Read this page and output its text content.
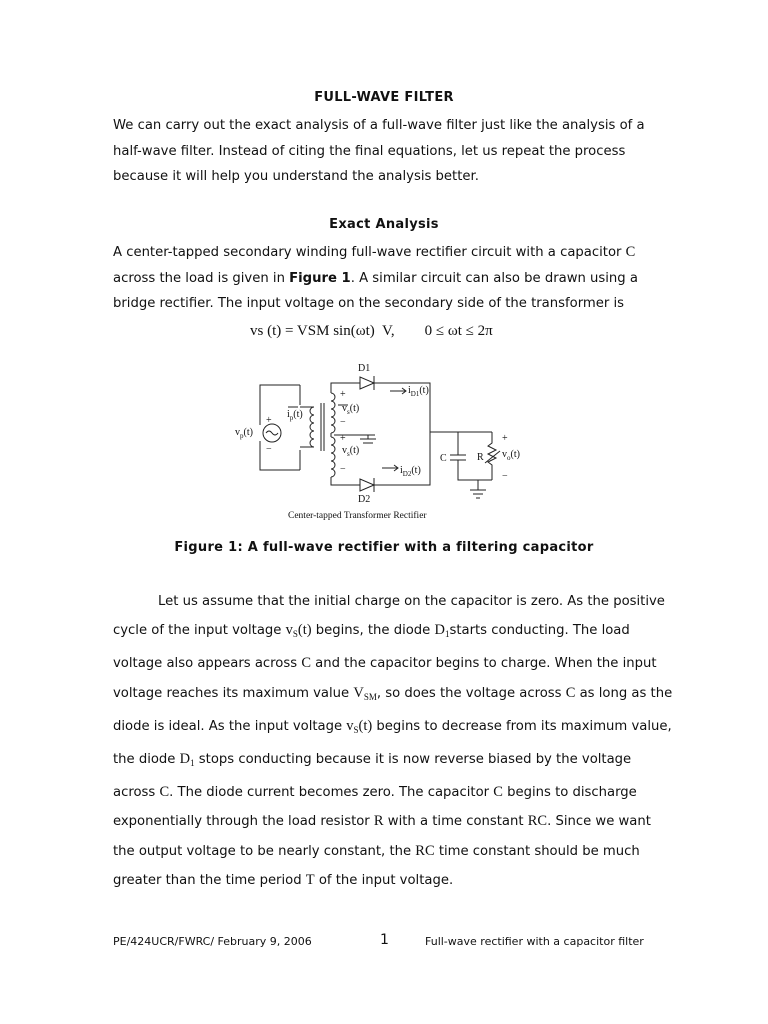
FULL-WAVE FILTER
We can carry out the exact analysis of a full-wave filter just like the analysis of a half-wave filter. Instead of citing the final equations, let us repeat the process because it will help you understand the analysis better.
Exact Analysis
A center-tapped secondary winding full-wave rectifier circuit with a capacitor C across the load is given in Figure 1. A similar circuit can also be drawn using a bridge rectifier. The input voltage on the secondary side of the transformer is
vs (t) = VSM sin(ωt)  V,        0 ≤ ωt ≤ 2π
D1
D2
$i_{D1}(t)$
$i_{D2}(t)$
$v_p(t)$
$i_p(t)$
$v_s(t)$
$v_s(t)$
C	R $v_o(t)$
+
−
+
−
+
−
+
−
Center-tapped Transformer Rectifier
Figure 1: A full-wave rectifier with a filtering capacitor
Let us assume that the initial charge on the capacitor is zero. As the positive cycle of the input voltage $v_S(t)$ begins, the diode $D_1starts$ conducting. The load voltage also appears across C and the capacitor begins to charge. When the input voltage reaches its maximum value $V_{SM}$, so does the voltage across C as long as the diode is ideal. As the input voltage $v_S(t)$ begins to decrease from its maximum value, the diode $D_1$ stops conducting because it is now reverse biased by the voltage across C. The diode current becomes zero. The capacitor C begins to discharge exponentially through the load resistor R with a time constant RC. Since we want the output voltage to be nearly constant, the RC time constant should be much greater than the time period T of the input voltage.
PE/424UCR/FWRC/ February 9, 2006	1	Full-wave rectifier with a capacitor filter
